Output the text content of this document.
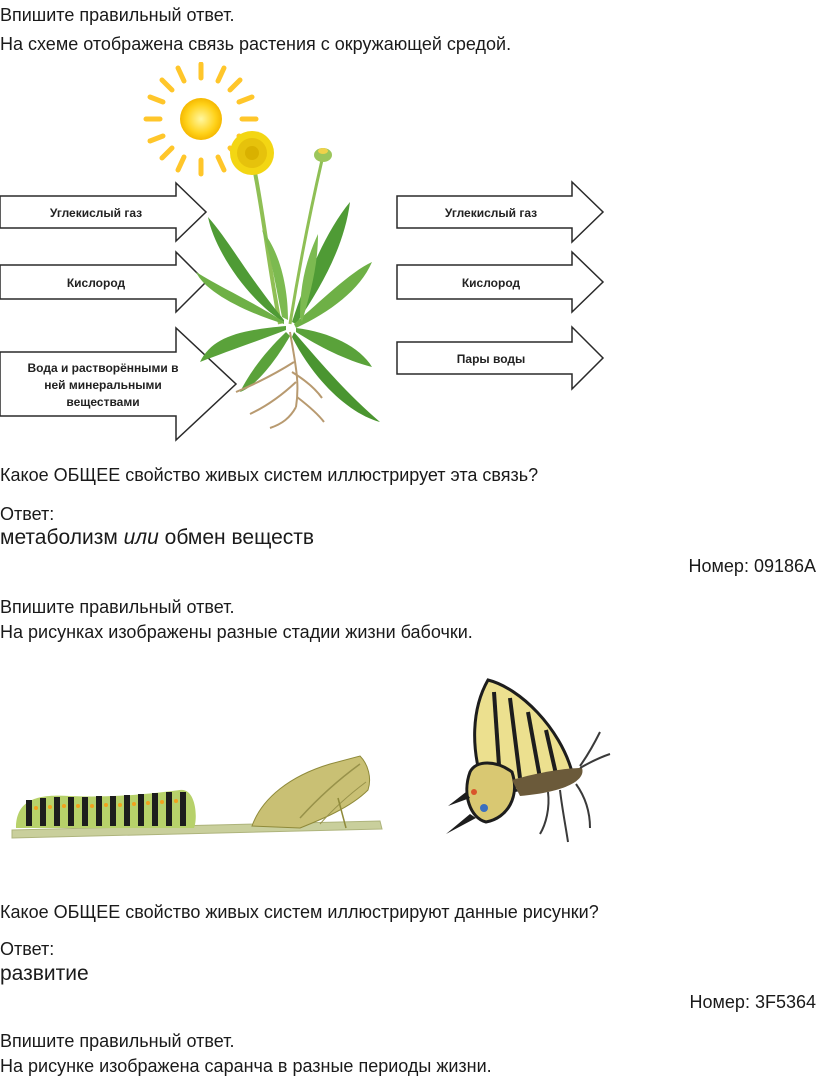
Впишите правильный ответ.
На схеме отображена связь растения с окружающей средой.
Углекислый газ
Кислород
Вода и растворёнными в
ней минеральными
веществами
Углекислый газ
Кислород
Пары воды
Какое ОБЩЕЕ свойство живых систем иллюстрирует эта связь?
Ответ:
метаболизм или обмен веществ
Номер: 09186A
Впишите правильный ответ.
На рисунках изображены разные стадии жизни бабочки.
Какое ОБЩЕЕ свойство живых систем иллюстрируют данные рисунки?
Ответ:
развитие
Номер: 3F5364
Впишите правильный ответ.
На рисунке изображена саранча в разные периоды жизни.
